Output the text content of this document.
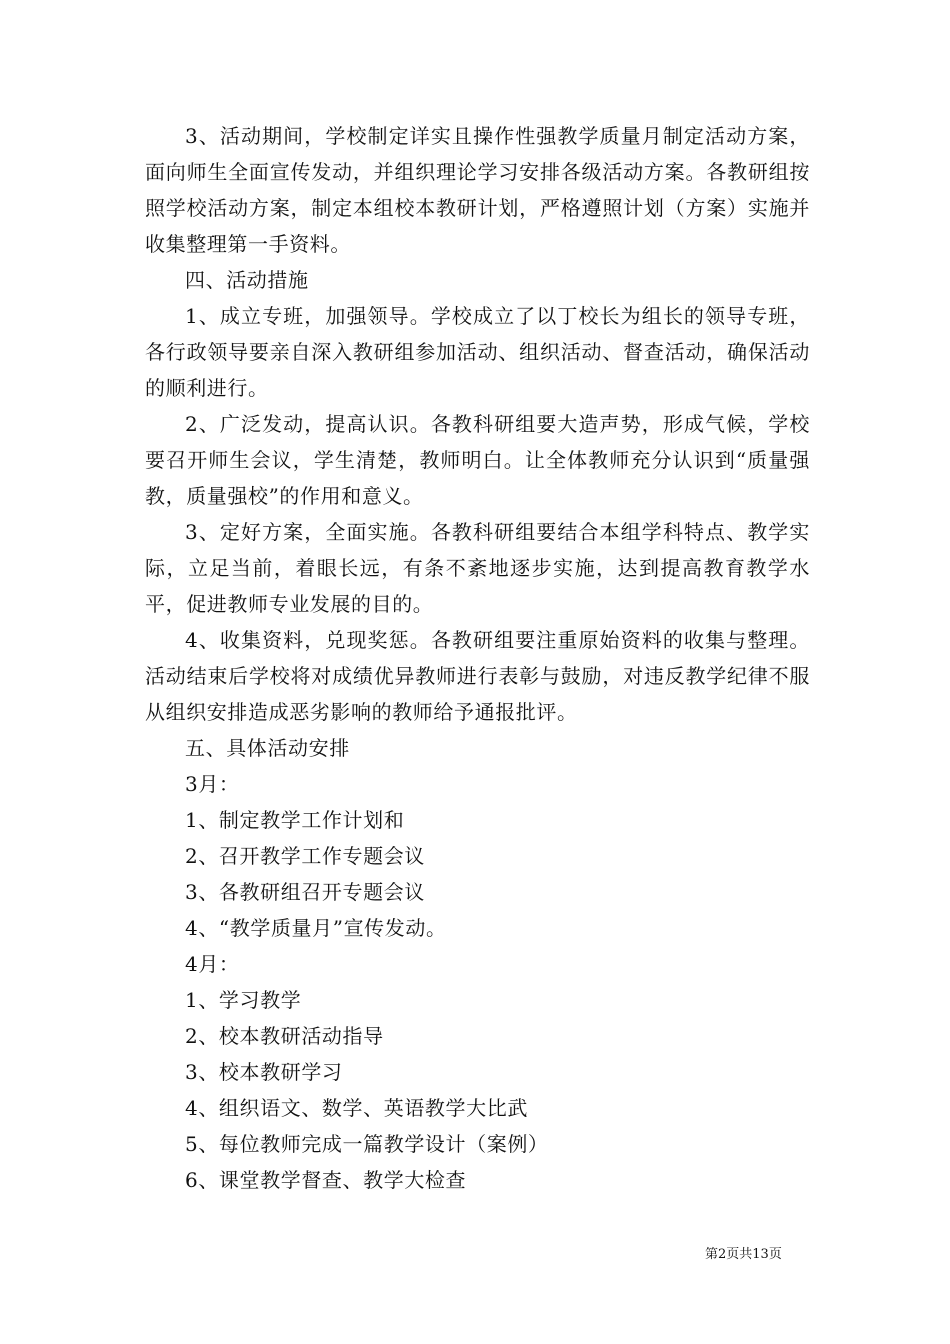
3、活动期间，学校制定详实且操作性强教学质量月制定活动方案，面向师生全面宣传发动，并组织理论学习安排各级活动方案。各教研组按照学校活动方案，制定本组校本教研计划，严格遵照计划（方案）实施并收集整理第一手资料。

四、活动措施

1、成立专班，加强领导。学校成立了以丁校长为组长的领导专班，各行政领导要亲自深入教研组参加活动、组织活动、督查活动，确保活动的顺利进行。

2、广泛发动，提高认识。各教科研组要大造声势，形成气候，学校要召开师生会议，学生清楚，教师明白。让全体教师充分认识到“质量强教，质量强校”的作用和意义。

3、定好方案，全面实施。各教科研组要结合本组学科特点、教学实际，立足当前，着眼长远，有条不紊地逐步实施，达到提高教育教学水平，促进教师专业发展的目的。

4、收集资料，兑现奖惩。各教研组要注重原始资料的收集与整理。活动结束后学校将对成绩优异教师进行表彰与鼓励，对违反教学纪律不服从组织安排造成恶劣影响的教师给予通报批评。

五、具体活动安排

3月：

1、制定教学工作计划和

2、召开教学工作专题会议

3、各教研组召开专题会议

4、“教学质量月”宣传发动。

4月：

1、学习教学

2、校本教研活动指导

3、校本教研学习

4、组织语文、数学、英语教学大比武

5、每位教师完成一篇教学设计（案例）

6、课堂教学督查、教学大检查

第2页共13页
